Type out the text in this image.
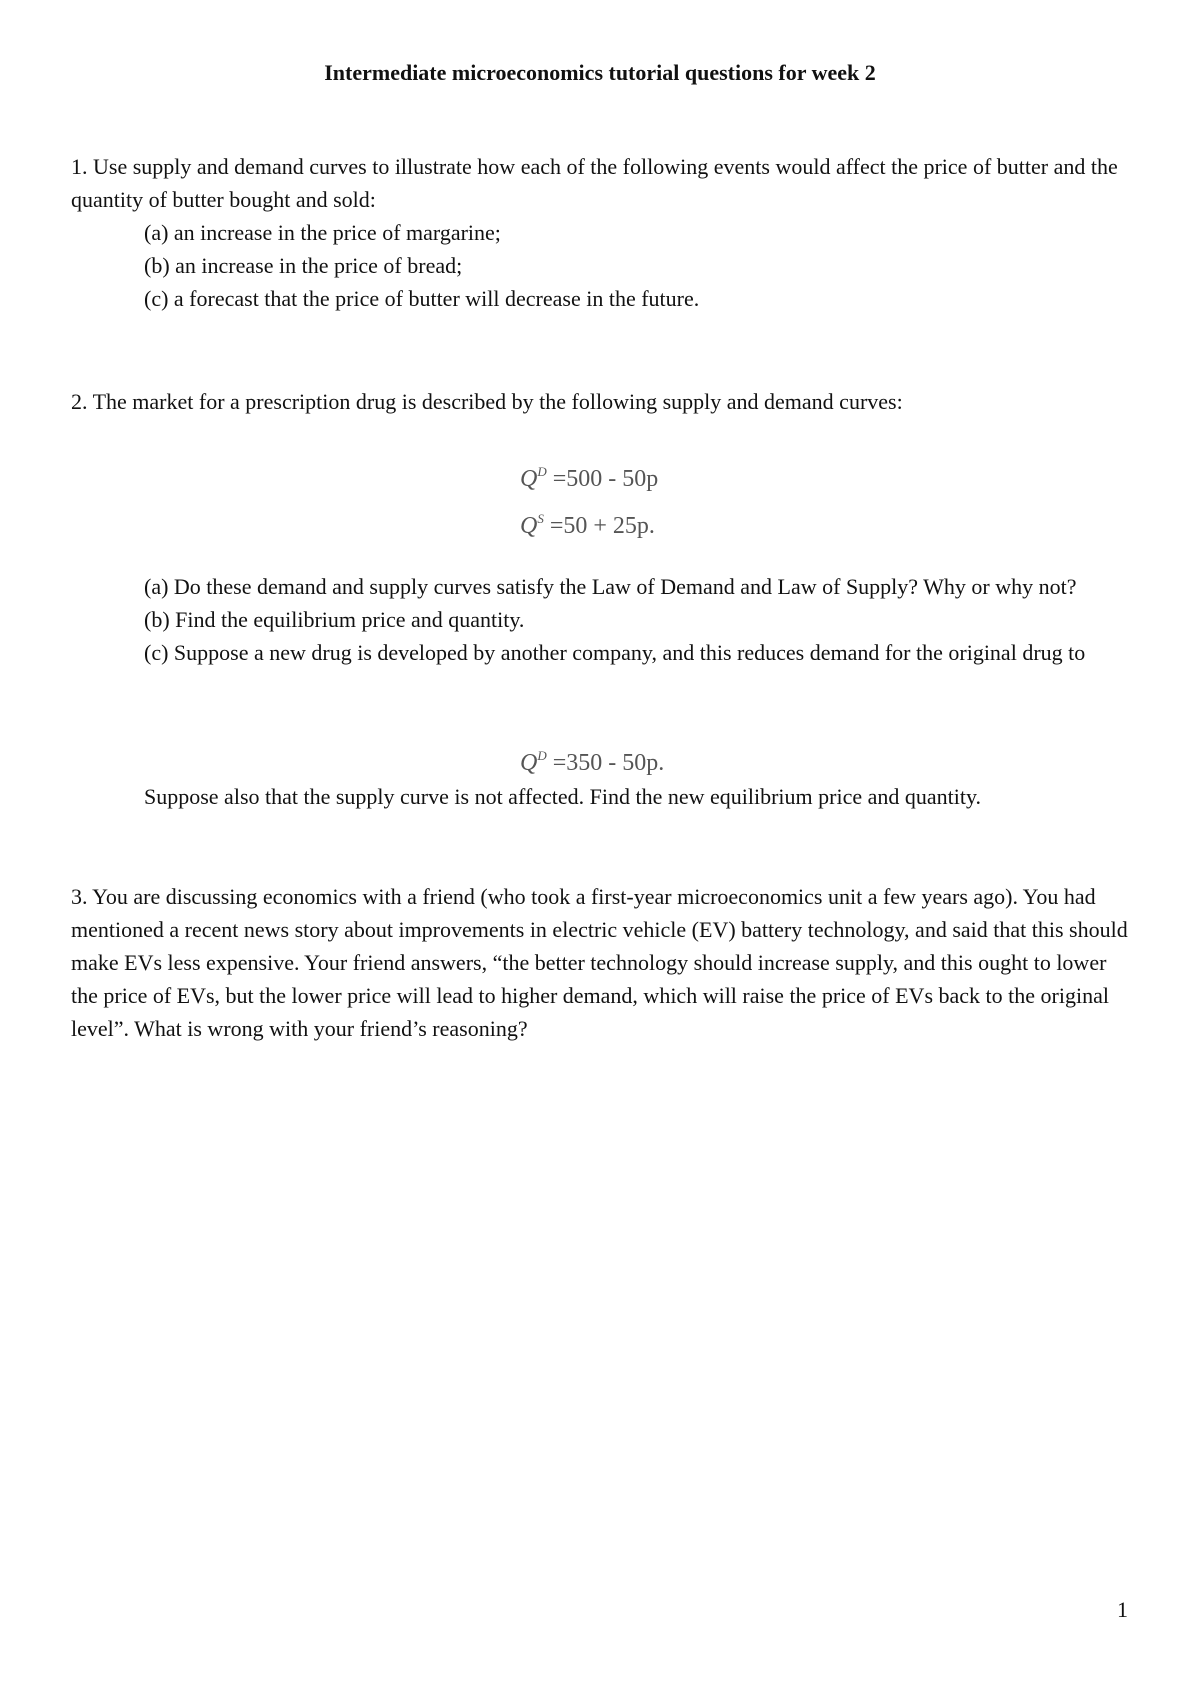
Intermediate microeconomics tutorial questions for week 2

1. Use supply and demand curves to illustrate how each of the following events would affect the price of butter and the quantity of butter bought and sold:

(a) an increase in the price of margarine;

(b) an increase in the price of bread;

(c) a forecast that the price of butter will decrease in the future.

2. The market for a prescription drug is described by the following supply and demand curves:

$Q^D =500 - 50p$
$Q^S =50 + 25p$.

(a) Do these demand and supply curves satisfy the Law of Demand and Law of Supply? Why or why not?

(b) Find the equilibrium price and quantity.

(c) Suppose a new drug is developed by another company, and this reduces demand for the original drug to

$Q^D =350 - 50p$.

Suppose also that the supply curve is not affected. Find the new equilibrium price and quantity.

3. You are discussing economics with a friend (who took a first-year microeconomics unit a few years ago). You had mentioned a recent news story about improvements in electric vehicle (EV) battery technology, and said that this should make EVs less expensive. Your friend answers, “the better technology should increase supply, and this ought to lower the price of EVs, but the lower price will lead to higher demand, which will raise the price of EVs back to the original level”. What is wrong with your friend’s reasoning?

1
